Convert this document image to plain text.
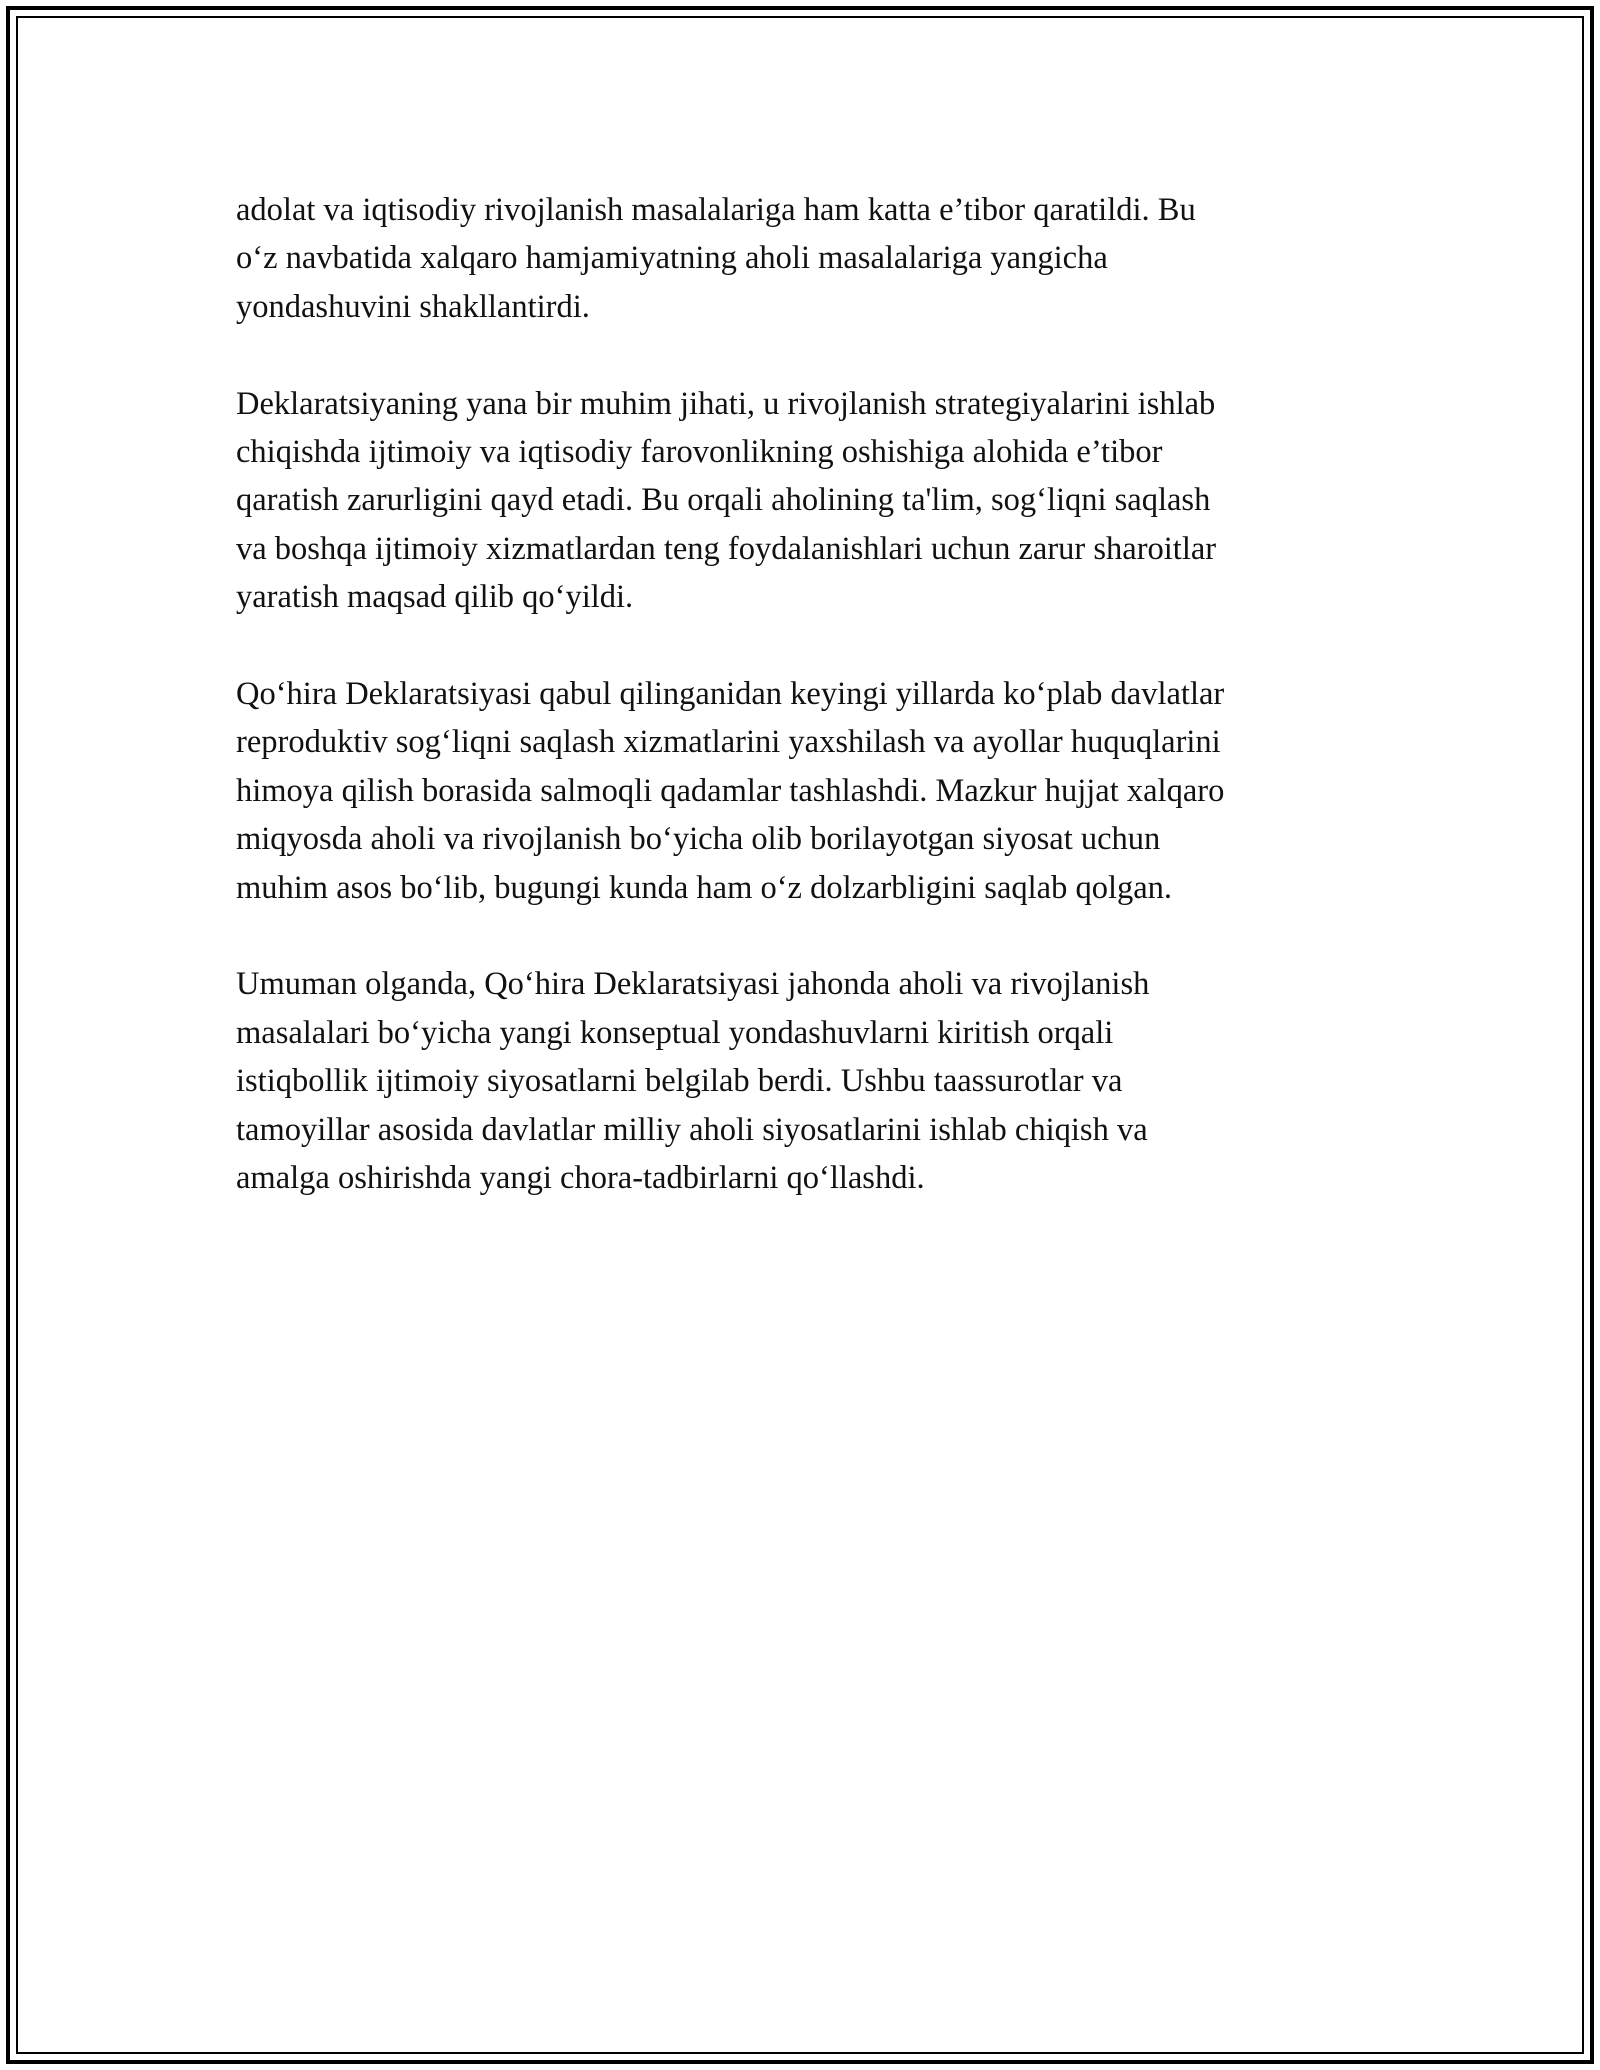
adolat va iqtisodiy rivojlanish masalalariga ham katta e’tibor qaratildi. Bu
o‘z navbatida xalqaro hamjamiyatning aholi masalalariga yangicha
yondashuvini shakllantirdi.

Deklaratsiyaning yana bir muhim jihati, u rivojlanish strategiyalarini ishlab
chiqishda ijtimoiy va iqtisodiy farovonlikning oshishiga alohida e’tibor
qaratish zarurligini qayd etadi. Bu orqali aholining ta'lim, sog‘liqni saqlash
va boshqa ijtimoiy xizmatlardan teng foydalanishlari uchun zarur sharoitlar
yaratish maqsad qilib qo‘yildi.

Qo‘hira Deklaratsiyasi qabul qilinganidan keyingi yillarda ko‘plab davlatlar
reproduktiv sog‘liqni saqlash xizmatlarini yaxshilash va ayollar huquqlarini
himoya qilish borasida salmoqli qadamlar tashlashdi. Mazkur hujjat xalqaro
miqyosda aholi va rivojlanish bo‘yicha olib borilayotgan siyosat uchun
muhim asos bo‘lib, bugungi kunda ham o‘z dolzarbligini saqlab qolgan.

Umuman olganda, Qo‘hira Deklaratsiyasi jahonda aholi va rivojlanish
masalalari bo‘yicha yangi konseptual yondashuvlarni kiritish orqali
istiqbollik ijtimoiy siyosatlarni belgilab berdi. Ushbu taassurotlar va
tamoyillar asosida davlatlar milliy aholi siyosatlarini ishlab chiqish va
amalga oshirishda yangi chora-tadbirlarni qo‘llashdi.
